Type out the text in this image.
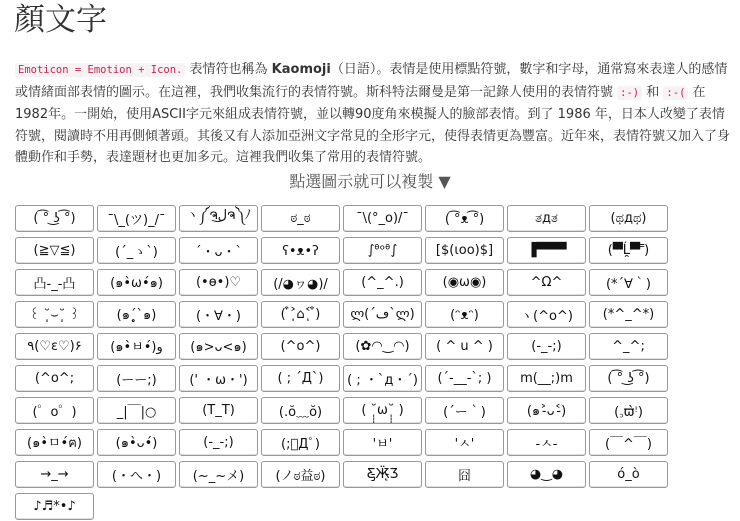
顏文字

Emoticon = Emotion + Icon. 表情符也稱為 Kaomoji（日語）。表情是使用標點符號，數字和字母，通常寫來表達人的感情或情緒面部表情的圖示。在這裡，我們收集流行的表情符號。斯科特法爾曼是第一記錄人使用的表情符號 :-) 和 :-( 在1982年。一開始，使用ASCII字元來組成表情符號，並以轉90度角來模擬人的臉部表情。到了 1986 年，日本人改變了表情符號，閱讀時不用再側傾著頭。其後又有人添加亞洲文字常見的全形字元，使得表情更為豐富。近年來，表情符號又加入了身體動作和手勢，表達題材也更加多元。這裡我們收集了常用的表情符號。

點選圖示就可以複製 ▼
( ͡° ͜ʖ ͡°)	¯\_(ツ)_/¯	ヽ༼ຈل͜ຈ༽ﾉ	ಠ_ಠ	¯\(°_o)/¯	( ͡°ᴥ ͡°)	ತдತ	(ಥдಥ)
(≧▽≦)	(´_ゝ`)	´・ᴗ・`	ʕ•ᴥ•ʔ	∫ᶿᵒᶿ∫	[$(ιοο)$]	▐▀▀▀	(▀̿Ĺ̯▀̿ ̿)
凸-_-凸	(๑•̀ω•́๑)	(•ө•)♡	(/◕ヮ◕)/	(^_^.)	(◉ω◉)	^Ω^	(*´∀｀)
꒰ ˘̩̩̩⌣˘̩̩̩ ꒱	(๑´̥̥̥`๑)	(・∀・)	( ͒˃̩̩⌂˂̩̩ ͒)	ლ(´ڡ`ლ)	(ᵔᴥᵔ)	ヽ(^o^)	(*^_^*)
٩(♡ε♡)۶	(๑•̀ㅂ•́)و	(๑>ᴗ<๑)	(^o^)	(✿◠‿◠)	( ^ u ^ )	(-_-;)	^_^;
(^o^;	(ーー;)	(' ・ω・')	( ; ´Д`)	( ; ・`д・´)	(´-__-`; )	m(__;)m	( ͡° ͜ʖ ͡°)
(゜o゜)	_|￣|○	(T_T)	(.ŏ﹏ŏ)	( ˘̩̩̩ω˘̩̩̩ )	(´ー｀)	(๑˃̵ᴗ˂̵)	(꜆ϖ̀ꜝ)
(๑•̀ㅁ•́ฅ)	(๑•̀ᴗ•́)	(-_-;)	(;ﾟДﾟ)	'ㅂ'	'ㅅ'	-ㅅ-	(￣^￣)
→_→	(・へ・)	(~_~メ)	(ノಠ益ಠ)	Ƹ̵̡Ӝ̵̨̄Ʒ	囧	◕‿◕	ó_ò
♪♬*•♪
